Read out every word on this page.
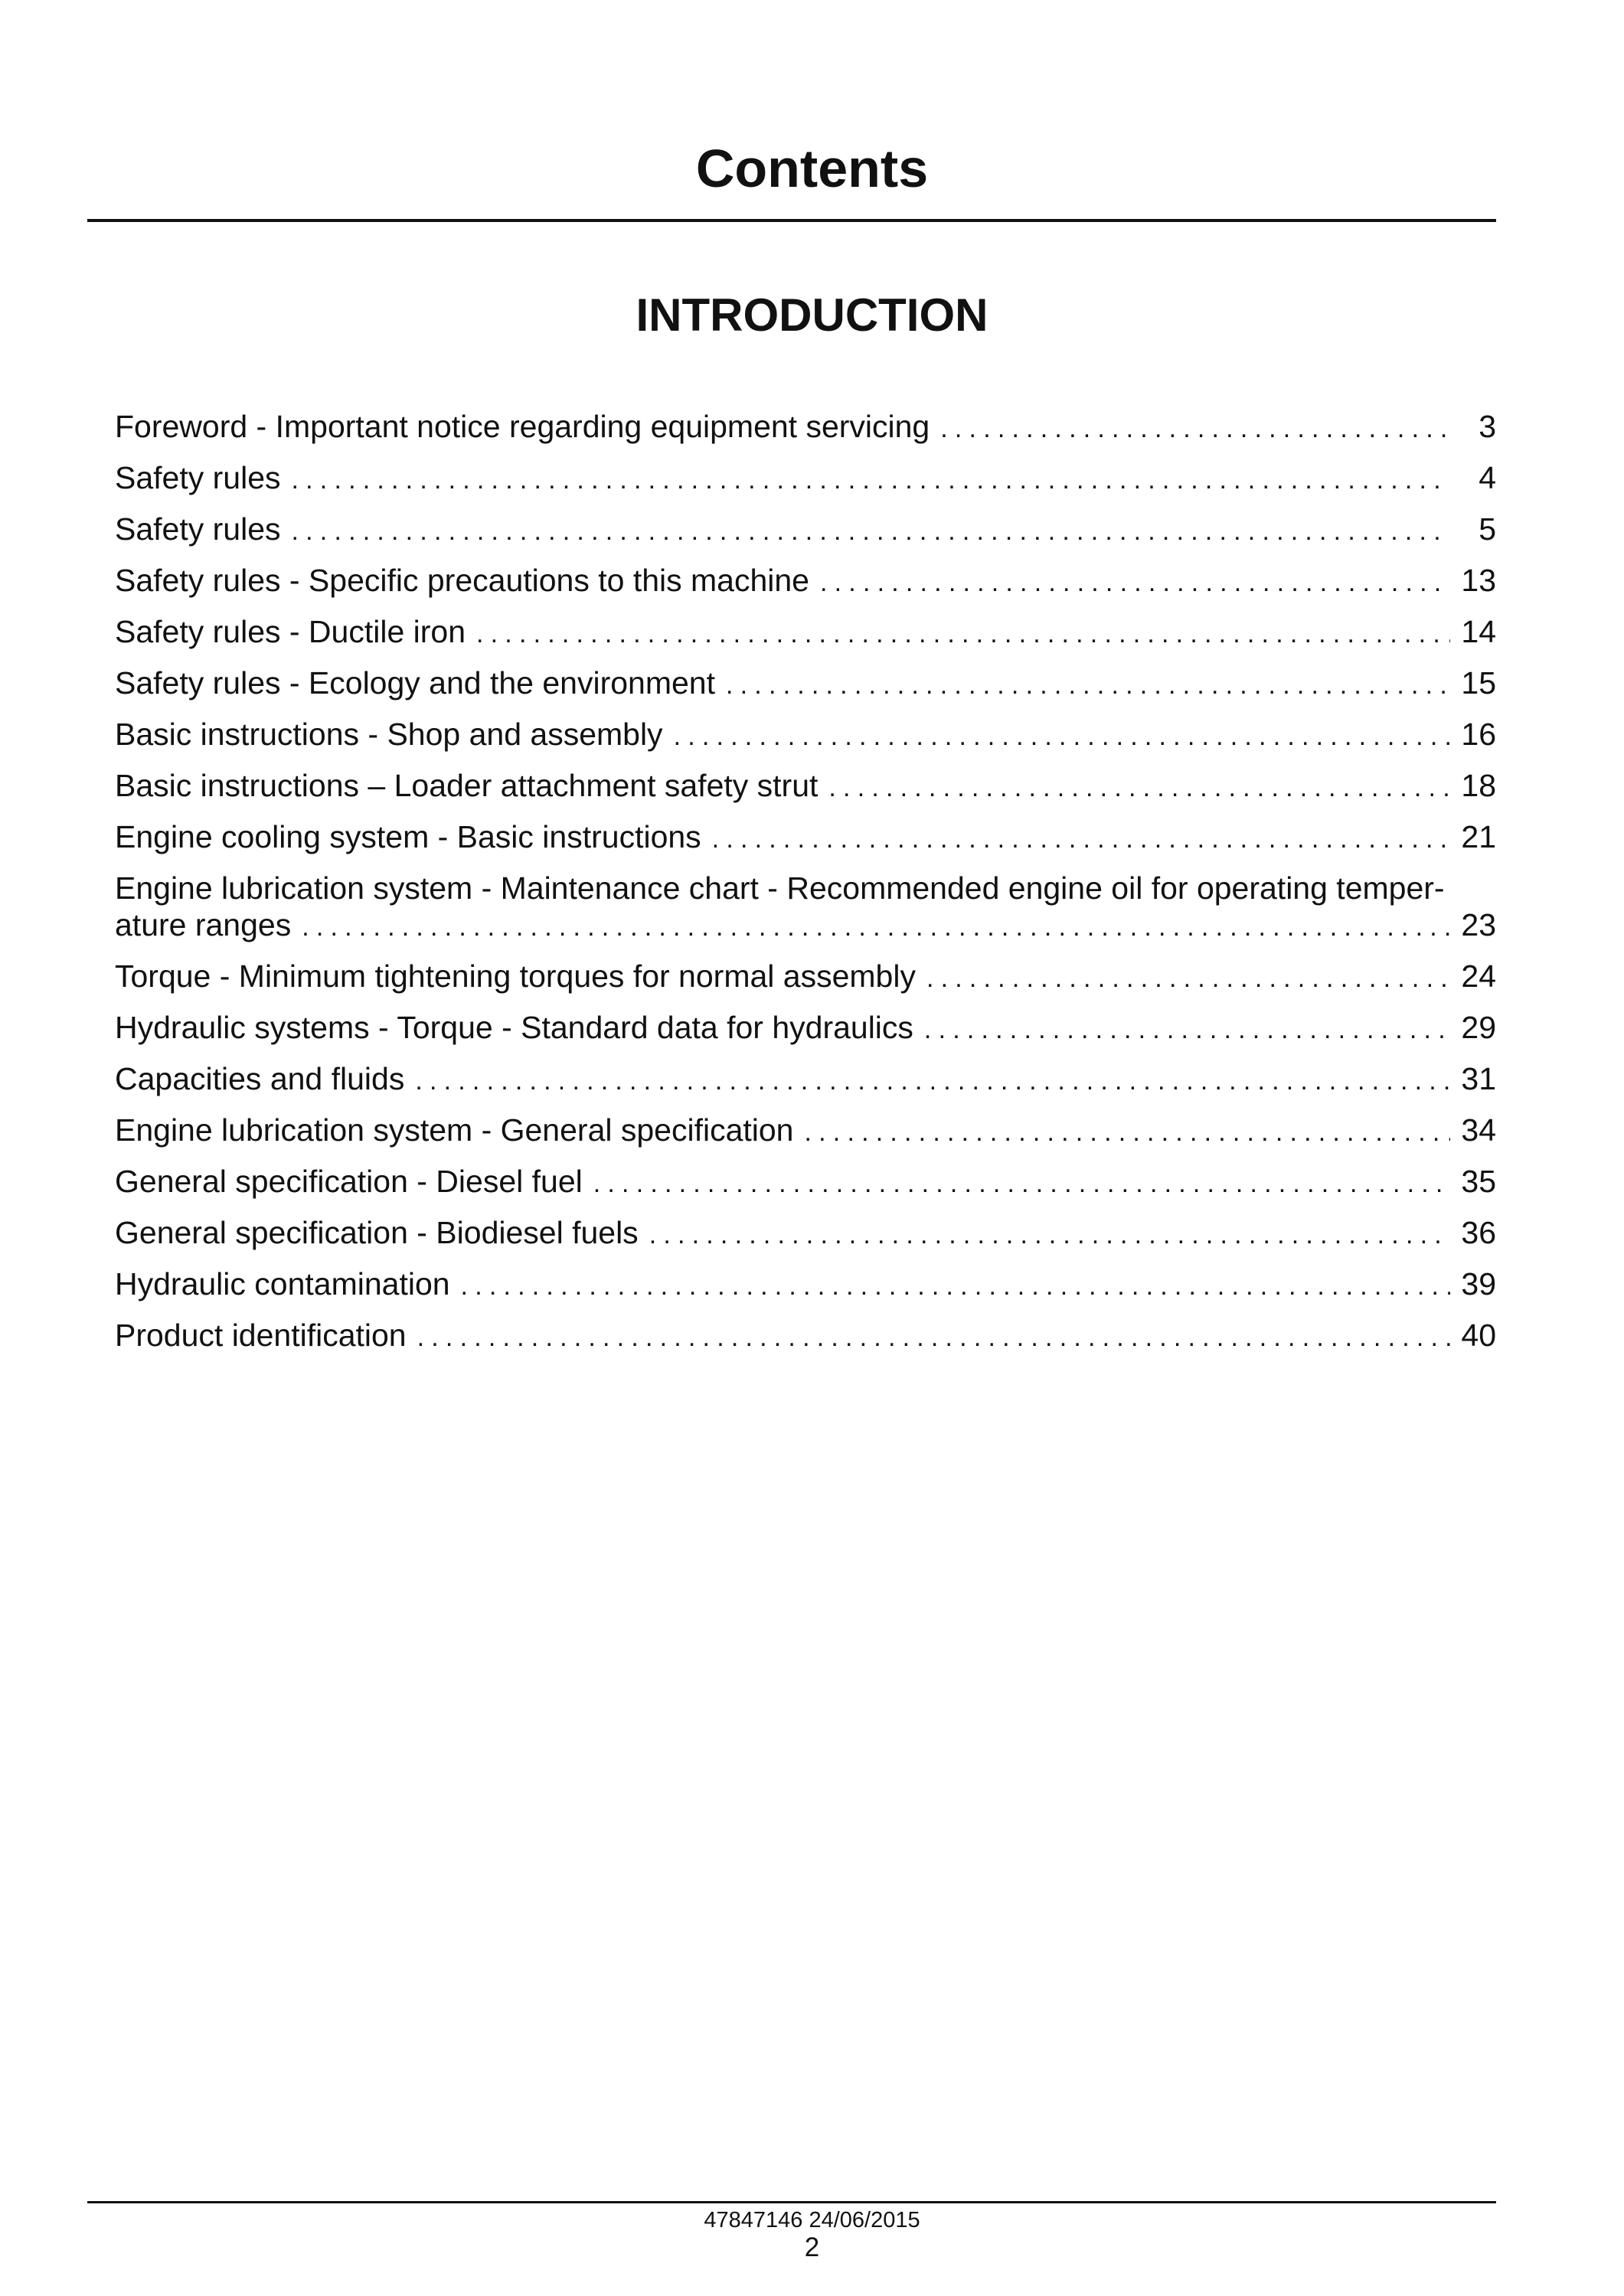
Contents
INTRODUCTION
Foreword - Important notice regarding equipment servicing .....	3
Safety rules .....	4
Safety rules .....	5
Safety rules - Specific precautions to this machine .....	13
Safety rules - Ductile iron .....	14
Safety rules - Ecology and the environment .....	15
Basic instructions - Shop and assembly .....	16
Basic instructions – Loader attachment safety strut .....	18
Engine cooling system - Basic instructions .....	21
Engine lubrication system - Maintenance chart - Recommended engine oil for operating temper-
ature ranges .....	23
Torque - Minimum tightening torques for normal assembly .....	24
Hydraulic systems - Torque - Standard data for hydraulics .....	29
Capacities and fluids .....	31
Engine lubrication system - General specification .....	34
General specification - Diesel fuel .....	35
General specification - Biodiesel fuels .....	36
Hydraulic contamination .....	39
Product identification .....	40
47847146 24/06/2015
2
